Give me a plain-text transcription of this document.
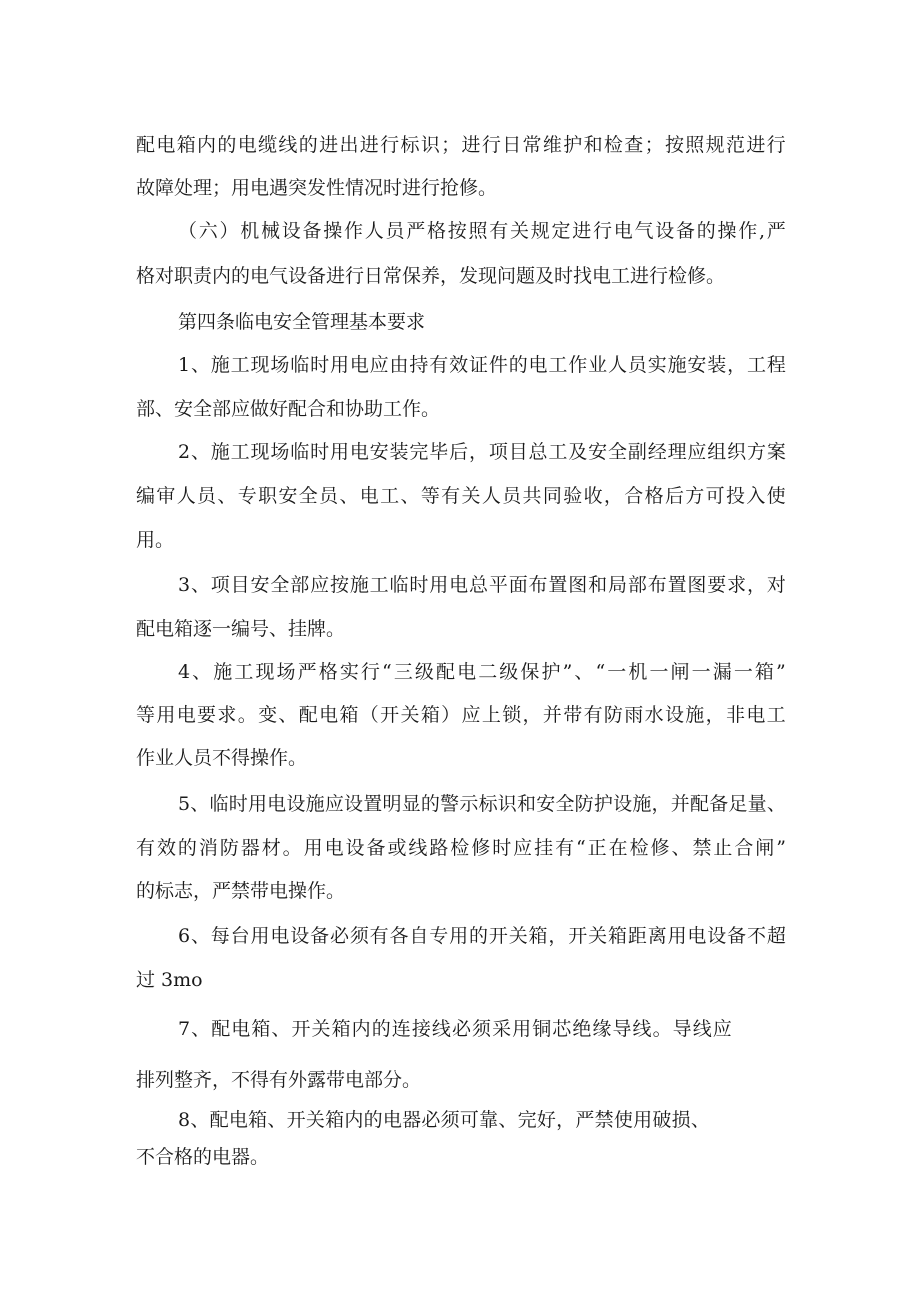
配 电 箱 内 的 电 缆 线 的 进 出 进 行 标 识 ； 进 行 日 常 维 护 和 检 查 ； 按 照 规 范 进 行
故障处理；用电遇突发性情况时进行抢修。
（ 六 ） 机 械 设 备 操 作 人 员 严 格 按 照 有 关 规 定 进 行 电 气 设 备 的 操 作 , 严
格对职责内的电气设备进行日常保养，发现问题及时找电工进行检修。
第四条临电安全管理基本要求
1 、 施 工 现 场 临 时 用 电 应 由 持 有 效 证 件 的 电 工 作 业 人 员 实 施 安 装 ， 工 程
部、安全部应做好配合和协助工作。
2 、 施 工 现 场 临 时 用 电 安 装 完 毕 后 ， 项 目 总 工 及 安 全 副 经 理 应 组 织 方 案
编 审 人 员 、 专 职 安 全 员 、 电 工 、 等 有 关 人 员 共 同 验 收 ， 合 格 后 方 可 投 入 使
用。
3 、 项 目 安 全 部 应 按 施 工 临 时 用 电 总 平 面 布 置 图 和 局 部 布 置 图 要 求 ， 对
配电箱逐一编号、挂牌。
4 、 施 工 现 场 严 格 实 行 “ 三 级 配 电 二 级 保 护 ” 、 “ 一 机 一 闸 一 漏 一 箱 ”
等 用 电 要 求 。 变 、 配 电 箱 （ 开 关 箱 ） 应 上 锁 ， 并 带 有 防 雨 水 设 施 ， 非 电 工
作业人员不得操作。
5 、 临 时 用 电 设 施 应 设 置 明 显 的 警 示 标 识 和 安 全 防 护 设 施 ， 并 配 备 足 量 、
有 效 的 消 防 器 材 。 用 电 设 备 或 线 路 检 修 时 应 挂 有 “ 正 在 检 修 、 禁 止 合 闸 ”
的标志，严禁带电操作。
6 、 每 台 用 电 设 备 必 须 有 各 自 专 用 的 开 关 箱 ， 开 关 箱 距 离 用 电 设 备 不 超
过 3mo
7 、 配 电 箱 、 开 关 箱 内 的 连 接 线 必 须 采 用 铜 芯 绝 缘 导 线 。 导 线 应
排列整齐，不得有外露带电部分。
8 、 配 电 箱 、 开 关 箱 内 的 电 器 必 须 可 靠 、 完 好 ， 严 禁 使 用 破 损 、
不合格的电器。
